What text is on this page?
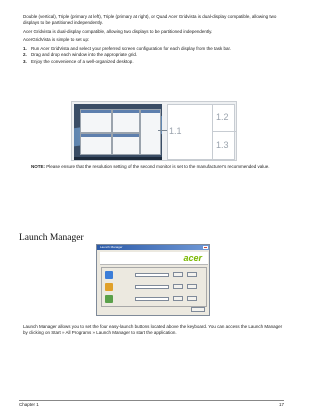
Double (vertical), Triple (primary at left), Triple (primary at right), or Quad Acer Gridvista is dual-display compatible, allowing two displays to be partitioned independently.
Acer Gridvista is dual-display compatible, allowing two displays to be partitioned independently.
AcerGridVista is simple to set up:
1. Run Acer GridVista and select your preferred screen configuration for each display from the task bar.
2. Drag and drop each window into the appropriate grid.
3. Enjoy the convenience of a well-organized desktop.
1.1
1.2
1.3
NOTE: Please ensure that the resolution setting of the second monitor is set to the manufacturer's recommended value.
Launch Manager
Launch Manager
acer
Launch Manager allows you to set the four easy-launch buttons located above the keyboard. You can access the Launch Manager by clicking on Start » All Programs » Launch Manager to start the application.
Chapter 1	17
